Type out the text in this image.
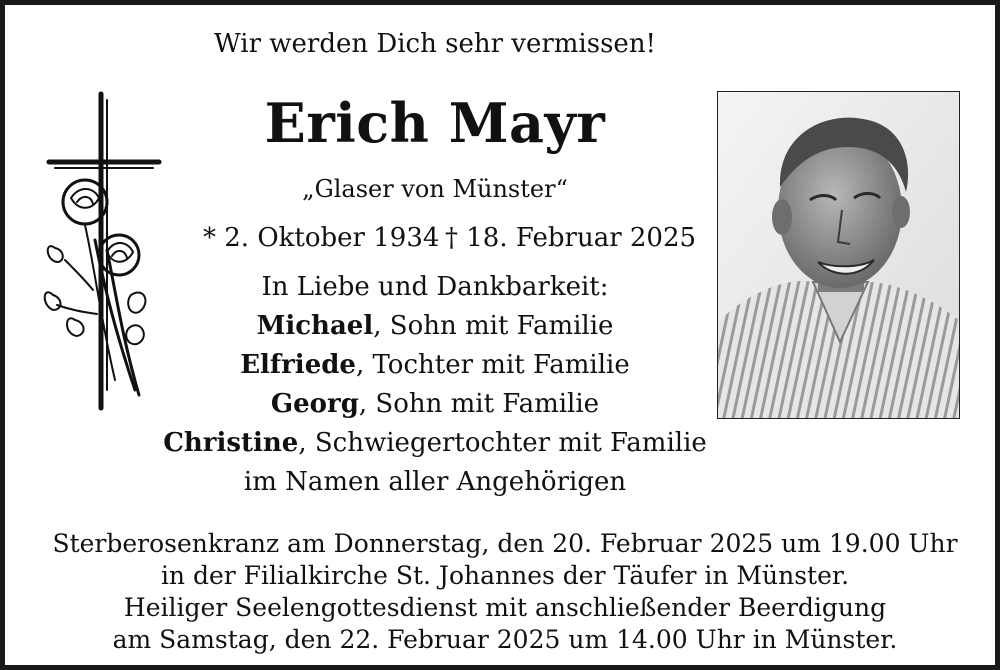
Wir werden Dich sehr vermissen!
Erich Mayr
„Glaser von Münster“
* 2. Oktober 1934 † 18. Februar 2025
In Liebe und Dankbarkeit:
Michael, Sohn mit Familie
Elfriede, Tochter mit Familie
Georg, Sohn mit Familie
Christine, Schwiegertochter mit Familie
im Namen aller Angehörigen
Sterberosenkranz am Donnerstag, den 20. Februar 2025 um 19.00 Uhr
in der Filialkirche St. Johannes der Täufer in Münster.
Heiliger Seelengottesdienst mit anschließender Beerdigung
am Samstag, den 22. Februar 2025 um 14.00 Uhr in Münster.
